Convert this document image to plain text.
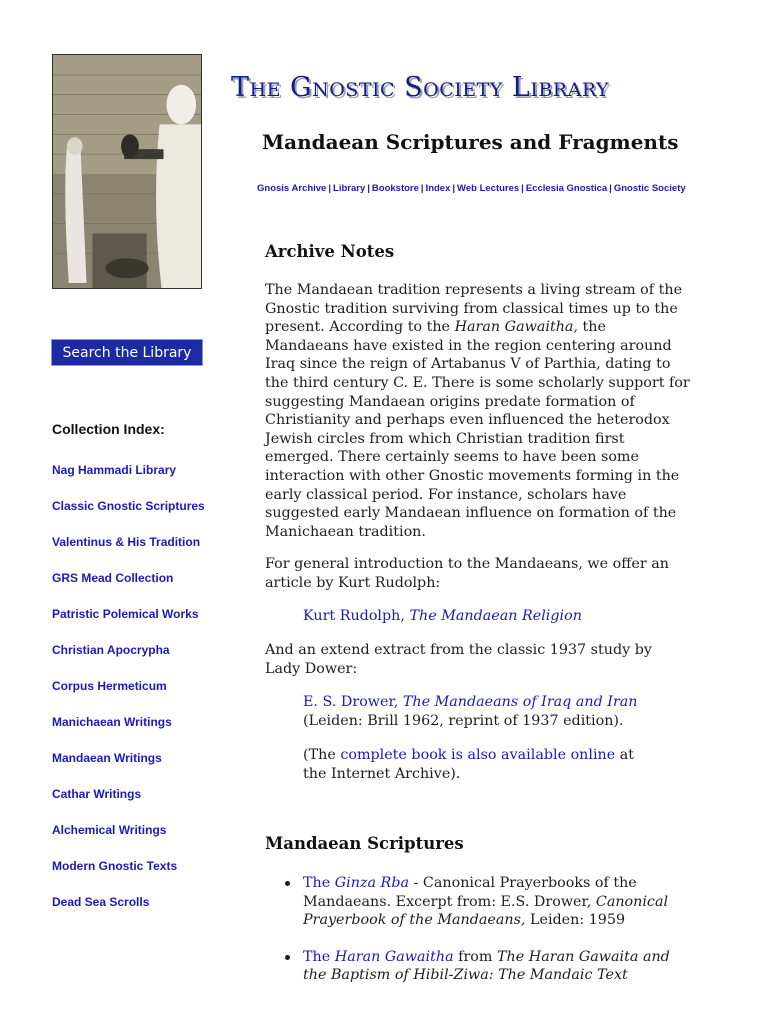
Search the Library
Collection Index:
Nag Hammadi Library
Classic Gnostic Scriptures
Valentinus & His Tradition
GRS Mead Collection
Patristic Polemical Works
Christian Apocrypha
Corpus Hermeticum
Manichaean Writings
Mandaean Writings
Cathar Writings
Alchemical Writings
Modern Gnostic Texts
Dead Sea Scrolls
The Gnostic Society Library
Mandaean Scriptures and Fragments
Gnosis Archive | Library | Bookstore | Index | Web Lectures | Ecclesia Gnostica | Gnostic Society
Archive Notes
The Mandaean tradition represents a living stream of the Gnostic tradition surviving from classical times up to the present. According to the Haran Gawaitha, the Mandaeans have existed in the region centering around Iraq since the reign of Artabanus V of Parthia, dating to the third century C. E. There is some scholarly support for suggesting Mandaean origins predate formation of Christianity and perhaps even influenced the heterodox Jewish circles from which Christian tradition first emerged. There certainly seems to have been some interaction with other Gnostic movements forming in the early classical period. For instance, scholars have suggested early Mandaean influence on formation of the Manichaean tradition.
For general introduction to the Mandaeans, we offer an article by Kurt Rudolph:
Kurt Rudolph, The Mandaean Religion
And an extend extract from the classic 1937 study by Lady Dower:
E. S. Drower, The Mandaeans of Iraq and Iran
(Leiden: Brill 1962, reprint of 1937 edition).
(The complete book is also available online at the Internet Archive).
Mandaean Scriptures
The Ginza Rba - Canonical Prayerbooks of the Mandaeans. Excerpt from: E.S. Drower, Canonical Prayerbook of the Mandaeans, Leiden: 1959
The Haran Gawaitha from The Haran Gawaita and the Baptism of Hibil-Ziwa: The Mandaic Text
